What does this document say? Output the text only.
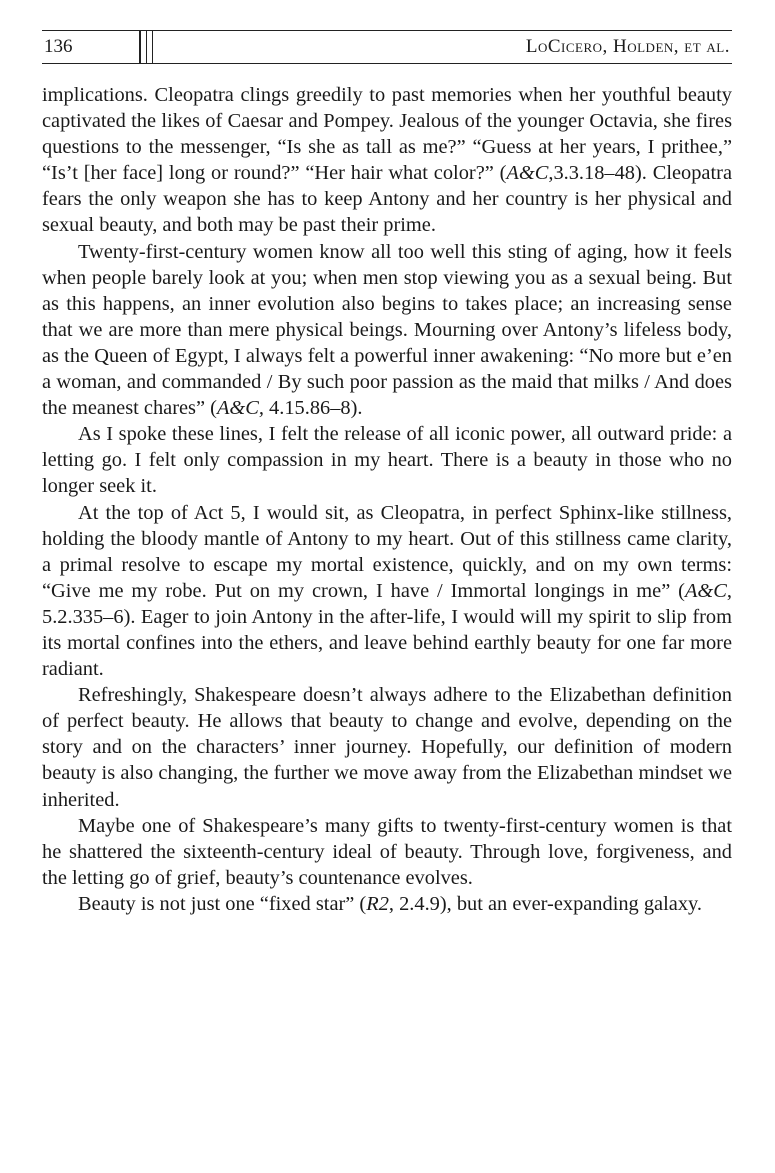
136	LoCicero, Holden, et al.

implications. Cleopatra clings greedily to past memories when her youthful beauty captivated the likes of Caesar and Pompey. Jealous of the younger Octavia, she fires questions to the messenger, “Is she as tall as me?” “Guess at her years, I prithee,” “Is’t [her face] long or round?” “Her hair what color?” (A&C,3.3.18–48). Cleopatra fears the only weapon she has to keep Antony and her country is her physical and sexual beauty, and both may be past their prime.

Twenty-first-century women know all too well this sting of aging, how it feels when people barely look at you; when men stop viewing you as a sexual being. But as this happens, an inner evolution also begins to takes place; an increasing sense that we are more than mere physical beings. Mourning over Antony’s lifeless body, as the Queen of Egypt, I always felt a powerful inner awakening: “No more but e’en a woman, and commanded / By such poor passion as the maid that milks / And does the meanest chares” (A&C, 4.15.86–8).

As I spoke these lines, I felt the release of all iconic power, all outward pride: a letting go. I felt only compassion in my heart. There is a beauty in those who no longer seek it.

At the top of Act 5, I would sit, as Cleopatra, in perfect Sphinx-like stillness, holding the bloody mantle of Antony to my heart. Out of this stillness came clarity, a primal resolve to escape my mortal existence, quickly, and on my own terms: “Give me my robe. Put on my crown, I have / Immortal longings in me” (A&C, 5.2.335–6). Eager to join Antony in the after-life, I would will my spirit to slip from its mortal confines into the ethers, and leave behind earthly beauty for one far more radiant.

Refreshingly, Shakespeare doesn’t always adhere to the Elizabethan definition of perfect beauty. He allows that beauty to change and evolve, depending on the story and on the characters’ inner journey. Hopefully, our definition of modern beauty is also changing, the further we move away from the Elizabethan mindset we inherited.

Maybe one of Shakespeare’s many gifts to twenty-first-century women is that he shattered the sixteenth-century ideal of beauty. Through love, forgiveness, and the letting go of grief, beauty’s countenance evolves.

Beauty is not just one “fixed star” (R2, 2.4.9), but an ever-expanding galaxy.
